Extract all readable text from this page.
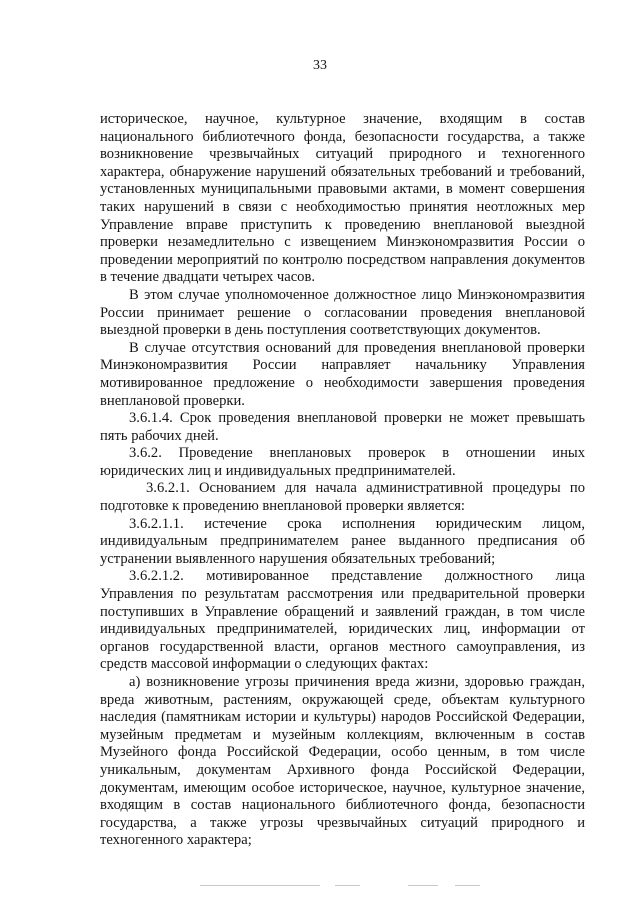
33

историческое, научное, культурное значение, входящим в состав национального библиотечного фонда, безопасности государства, а также возникновение чрезвычайных ситуаций природного и техногенного характера, обнаружение нарушений обязательных требований и требований, установленных муниципальными правовыми актами, в момент совершения таких нарушений в связи с необходимостью принятия неотложных мер Управление вправе приступить к проведению внеплановой выездной проверки незамедлительно с извещением Минэкономразвития России о проведении мероприятий по контролю посредством направления документов в течение двадцати четырех часов.

В этом случае уполномоченное должностное лицо Минэкономразвития России принимает решение о согласовании проведения внеплановой выездной проверки в день поступления соответствующих документов.

В случае отсутствия оснований для проведения внеплановой проверки Минэкономразвития России направляет начальнику Управления мотивированное предложение о необходимости завершения проведения внеплановой проверки.

3.6.1.4. Срок проведения внеплановой проверки не может превышать пять рабочих дней.

3.6.2. Проведение внеплановых проверок в отношении иных юридических лиц и индивидуальных предпринимателей.

3.6.2.1. Основанием для начала административной процедуры по подготовке к проведению внеплановой проверки является:

3.6.2.1.1. истечение срока исполнения юридическим лицом, индивидуальным предпринимателем ранее выданного предписания об устранении выявленного нарушения обязательных требований;

3.6.2.1.2. мотивированное представление должностного лица Управления по результатам рассмотрения или предварительной проверки поступивших в Управление обращений и заявлений граждан, в том числе индивидуальных предпринимателей, юридических лиц, информации от органов государственной власти, органов местного самоуправления, из средств массовой информации о следующих фактах:

а) возникновение угрозы причинения вреда жизни, здоровью граждан, вреда животным, растениям, окружающей среде, объектам культурного наследия (памятникам истории и культуры) народов Российской Федерации, музейным предметам и музейным коллекциям, включенным в состав Музейного фонда Российской Федерации, особо ценным, в том числе уникальным, документам Архивного фонда Российской Федерации, документам, имеющим особое историческое, научное, культурное значение, входящим в состав национального библиотечного фонда, безопасности государства, а также угрозы чрезвычайных ситуаций природного и техногенного характера;
